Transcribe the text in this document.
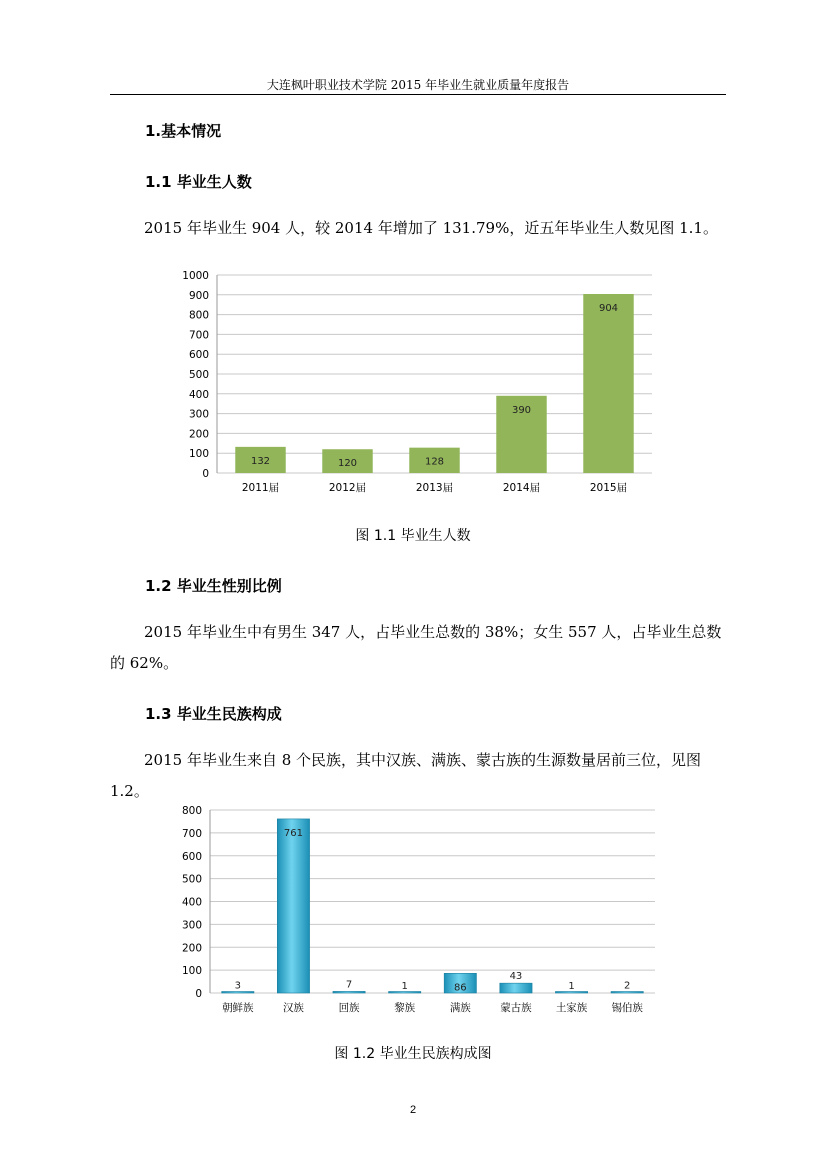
大连枫叶职业技术学院 2015 年毕业生就业质量年度报告
1.基本情况
1.1 毕业生人数
2015 年毕业生 904 人，较 2014 年增加了 131.79%，近五年毕业生人数见图 1.1。
0
100
200
300
400
500
600
700
800
900
1000
132
2011届
120
2012届
128
2013届
390
2014届
904
2015届
图 1.1 毕业生人数
1.2 毕业生性别比例
2015 年毕业生中有男生 347 人，占毕业生总数的 38%；女生 557 人，占毕业生总数的 62%。
1.3 毕业生民族构成
2015 年毕业生来自 8 个民族，其中汉族、满族、蒙古族的生源数量居前三位，见图 1.2。
0
100
200
300
400
500
600
700
800
3
朝鲜族
761
汉族
7
回族
1
黎族
86
满族
43
蒙古族
1
土家族
2
锡伯族
图 1.2 毕业生民族构成图
2
